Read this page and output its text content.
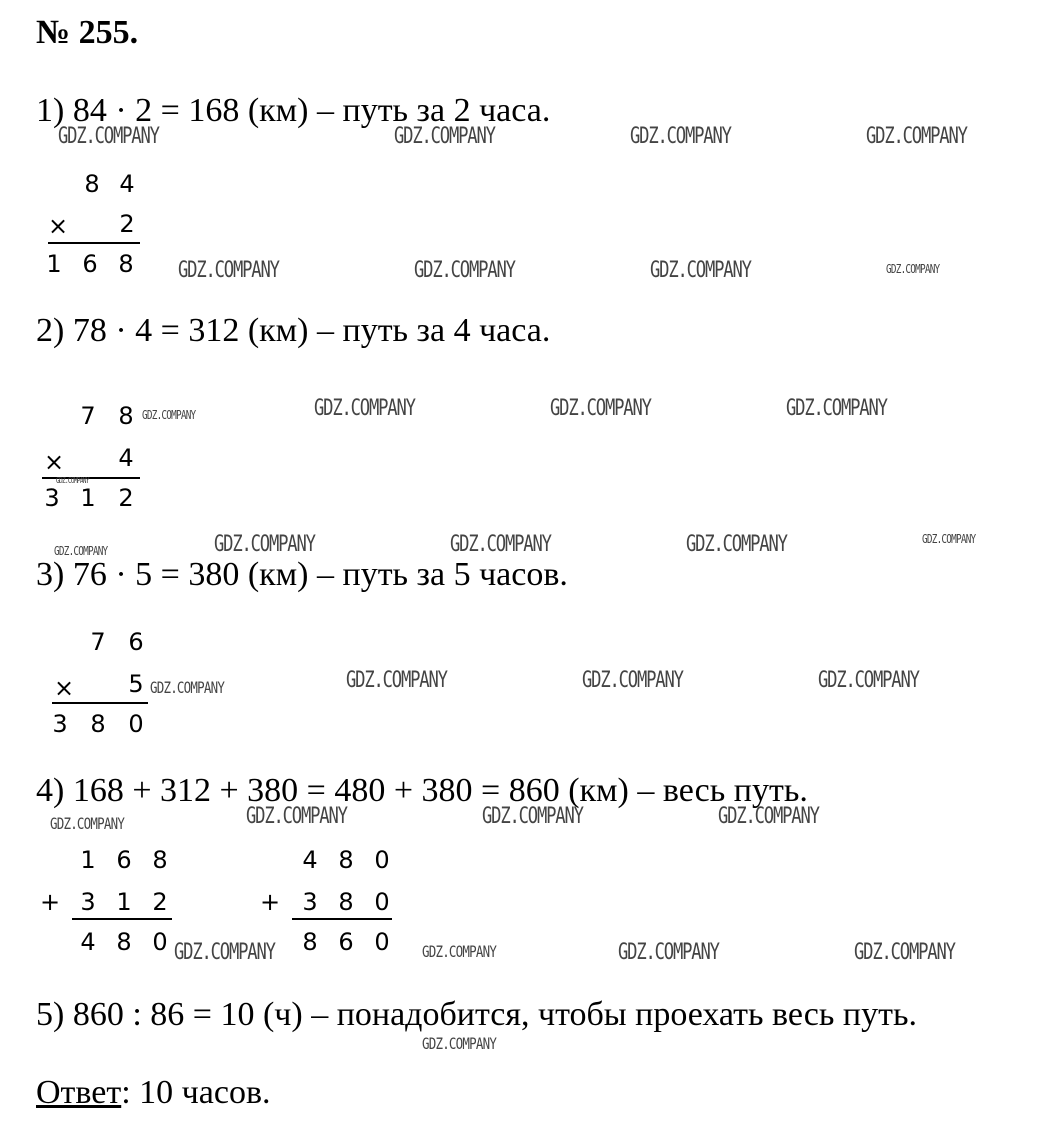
№ 255.
1) 84 · 2 = 168 (км) – путь за 2 часа.
8 4
× 2
1 6 8
2) 78 · 4 = 312 (км) – путь за 4 часа.
7 8
× 4
3 1 2
3) 76 · 5 = 380 (км) – путь за 5 часов.
7 6
× 5
3 8 0
4) 168 + 312 + 380 = 480 + 380 = 860 (км) – весь путь.
1 6 8
+ 3 1 2
4 8 0
4 8 0
+ 3 8 0
8 6 0
5) 860 : 86 = 10 (ч) – понадобится, чтобы проехать весь путь.
Ответ: 10 часов.
GDZ.COMPANY	GDZ.COMPANY	GDZ.COMPANY	GDZ.COMPANY
GDZ.COMPANY	GDZ.COMPANY	GDZ.COMPANY	GDZ.COMPANY
GDZ.COMPANY	GDZ.COMPANY	GDZ.COMPANY	GDZ.COMPANY
GDZ.COMPANY
GDZ.COMPANY	GDZ.COMPANY	GDZ.COMPANY	GDZ.COMPANY	GDZ.COMPANY
GDZ.COMPANY	GDZ.COMPANY	GDZ.COMPANY	GDZ.COMPANY
GDZ.COMPANY	GDZ.COMPANY	GDZ.COMPANY	GDZ.COMPANY
GDZ.COMPANY	GDZ.COMPANY	GDZ.COMPANY	GDZ.COMPANY
GDZ.COMPANY
